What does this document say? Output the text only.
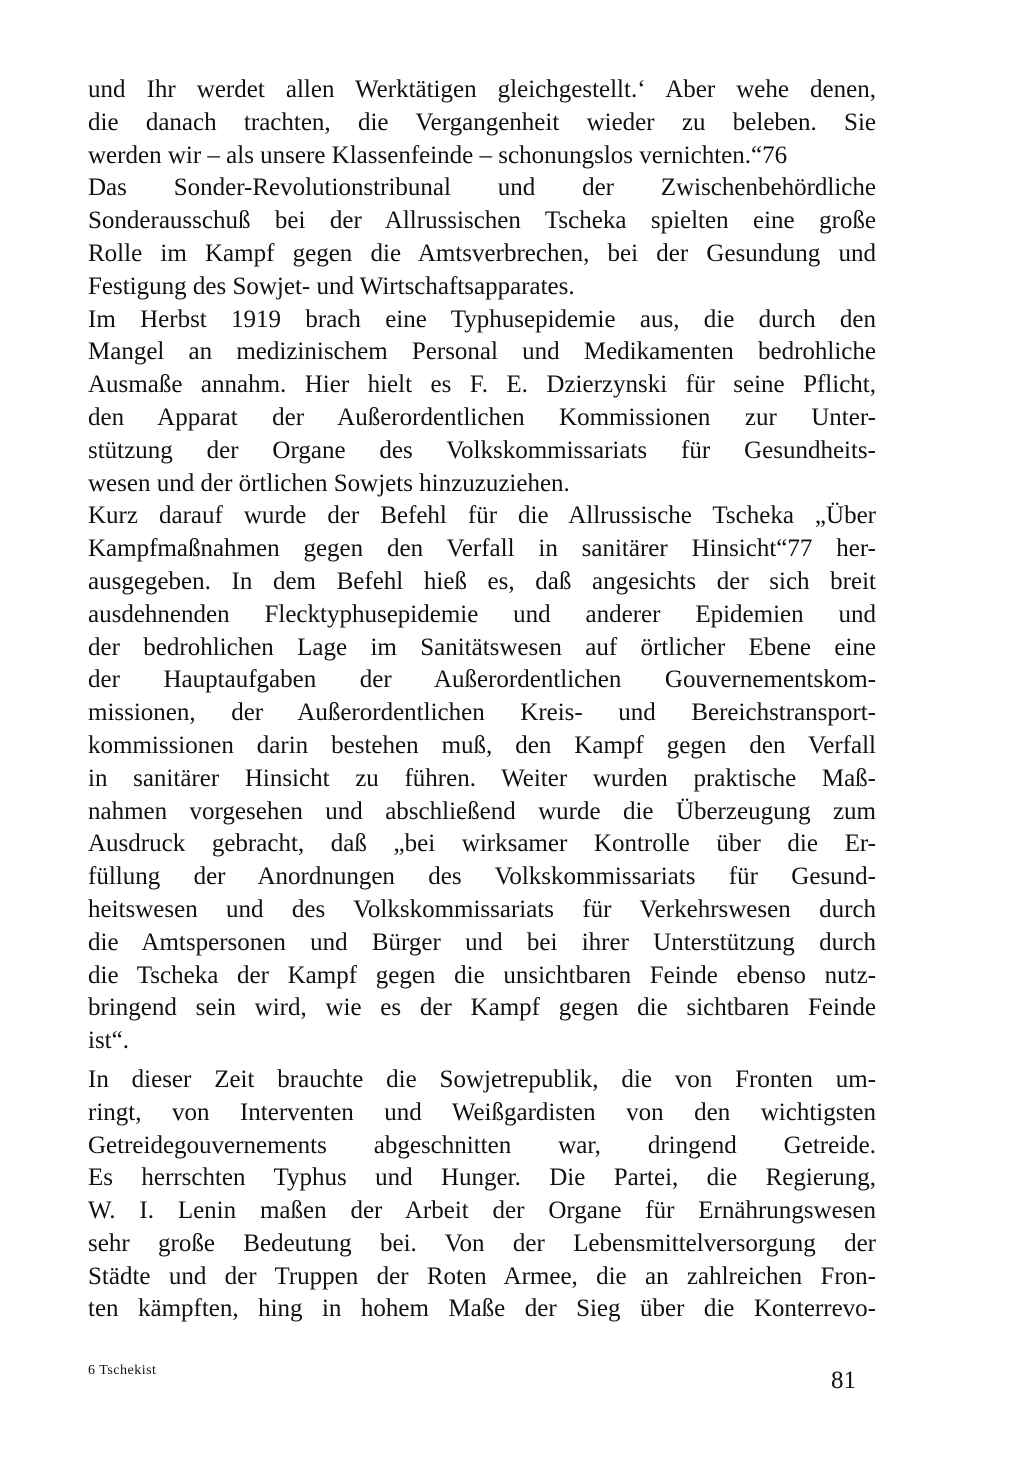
und Ihr werdet allen Werktätigen gleichgestellt.‘ Aber wehe denen,
die danach trachten, die Vergangenheit wieder zu beleben. Sie
werden wir – als unsere Klassenfeinde – schonungslos vernichten.“76
Das Sonder-Revolutionstribunal und der Zwischenbehördliche
Sonderausschuß bei der Allrussischen Tscheka spielten eine große
Rolle im Kampf gegen die Amtsverbrechen, bei der Gesundung und
Festigung des Sowjet- und Wirtschaftsapparates.
Im Herbst 1919 brach eine Typhusepidemie aus, die durch den
Mangel an medizinischem Personal und Medikamenten bedrohliche
Ausmaße annahm. Hier hielt es F. E. Dzierzynski für seine Pflicht,
den Apparat der Außerordentlichen Kommissionen zur Unter-
stützung der Organe des Volkskommissariats für Gesundheits-
wesen und der örtlichen Sowjets hinzuzuziehen.
Kurz darauf wurde der Befehl für die Allrussische Tscheka „Über
Kampfmaßnahmen gegen den Verfall in sanitärer Hinsicht“77 her-
ausgegeben. In dem Befehl hieß es, daß angesichts der sich breit
ausdehnenden Flecktyphusepidemie und anderer Epidemien und
der bedrohlichen Lage im Sanitätswesen auf örtlicher Ebene eine
der Hauptaufgaben der Außerordentlichen Gouvernementskom-
missionen, der Außerordentlichen Kreis- und Bereichstransport-
kommissionen darin bestehen muß, den Kampf gegen den Verfall
in sanitärer Hinsicht zu führen. Weiter wurden praktische Maß-
nahmen vorgesehen und abschließend wurde die Überzeugung zum
Ausdruck gebracht, daß „bei wirksamer Kontrolle über die Er-
füllung der Anordnungen des Volkskommissariats für Gesund-
heitswesen und des Volkskommissariats für Verkehrswesen durch
die Amtspersonen und Bürger und bei ihrer Unterstützung durch
die Tscheka der Kampf gegen die unsichtbaren Feinde ebenso nutz-
bringend sein wird, wie es der Kampf gegen die sichtbaren Feinde
ist“.
In dieser Zeit brauchte die Sowjetrepublik, die von Fronten um-
ringt, von Interventen und Weißgardisten von den wichtigsten
Getreidegouvernements abgeschnitten war, dringend Getreide.
Es herrschten Typhus und Hunger. Die Partei, die Regierung,
W. I. Lenin maßen der Arbeit der Organe für Ernährungswesen
sehr große Bedeutung bei. Von der Lebensmittelversorgung der
Städte und der Truppen der Roten Armee, die an zahlreichen Fron-
ten kämpften, hing in hohem Maße der Sieg über die Konterrevo-
6 Tschekist	81
